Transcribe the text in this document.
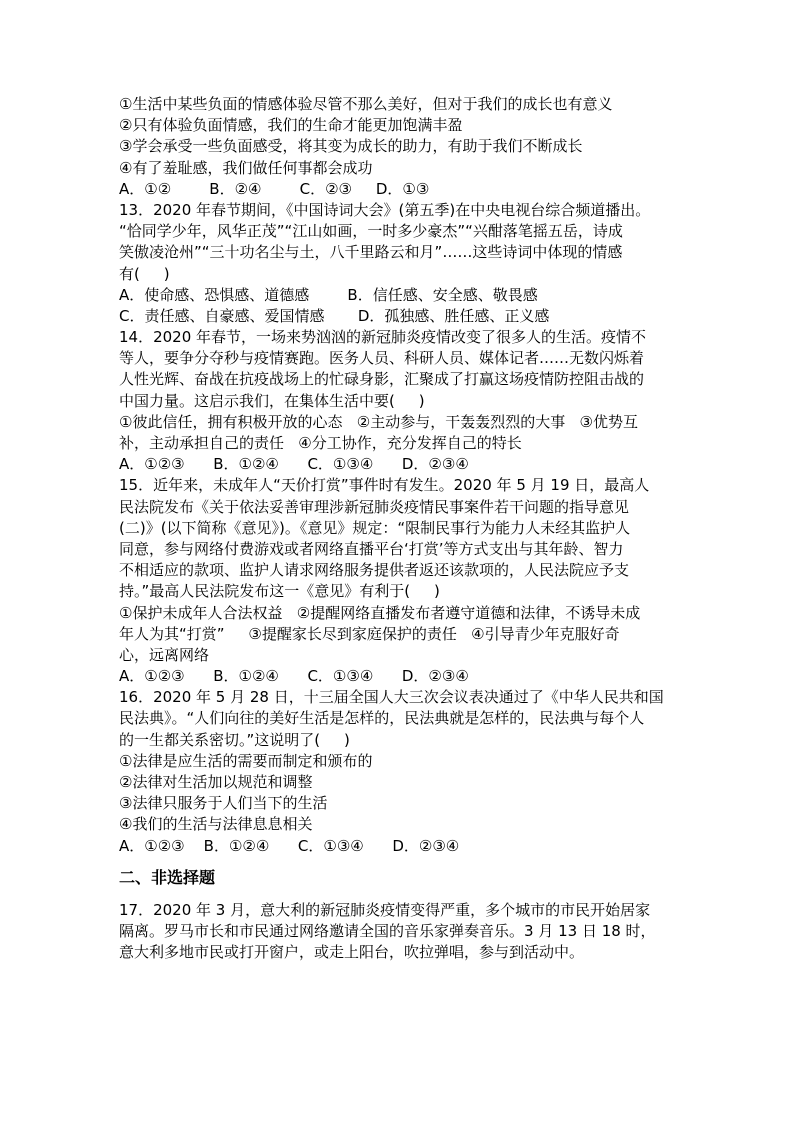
①生活中某些负面的情感体验尽管不那么美好，但对于我们的成长也有意义
②只有体验负面情感，我们的生命才能更加饱满丰盈
③学会承受一些负面感受，将其变为成长的助力，有助于我们不断成长
④有了羞耻感，我们做任何事都会成功
A．①②        B．②④        C．②③     D．①③
13．2020 年春节期间，《中国诗词大会》(第五季)在中央电视台综合频道播出。
“恰同学少年，风华正茂”“江山如画，一时多少豪杰”“兴酣落笔摇五岳，诗成
笑傲凌沧州”“三十功名尘与土，八千里路云和月”……这些诗词中体现的情感
有(     )
A．使命感、恐惧感、道德感        B．信任感、安全感、敬畏感
C．责任感、自豪感、爱国情感       D．孤独感、胜任感、正义感
14．2020 年春节，一场来势汹汹的新冠肺炎疫情改变了很多人的生活。疫情不
等人，要争分夺秒与疫情赛跑。医务人员、科研人员、媒体记者……无数闪烁着
人性光辉、奋战在抗疫战场上的忙碌身影，汇聚成了打赢这场疫情防控阻击战的
中国力量。这启示我们，在集体生活中要(     )
①彼此信任，拥有积极开放的心态   ②主动参与，干轰轰烈烈的大事   ③优势互
补，主动承担自己的责任   ④分工协作，充分发挥自己的特长
A．①②③      B．①②④      C．①③④      D．②③④
15．近年来，未成年人“天价打赏”事件时有发生。2020 年 5 月 19 日，最高人
民法院发布《关于依法妥善审理涉新冠肺炎疫情民事案件若干问题的指导意见
(二)》(以下简称《意见》)。《意见》规定：“限制民事行为能力人未经其监护人
同意，参与网络付费游戏或者网络直播平台‘打赏’等方式支出与其年龄、智力
不相适应的款项、监护人请求网络服务提供者返还该款项的，人民法院应予支
持。”最高人民法院发布这一《意见》有利于(     )
①保护未成年人合法权益   ②提醒网络直播发布者遵守道德和法律，不诱导未成
年人为其“打赏”     ③提醒家长尽到家庭保护的责任   ④引导青少年克服好奇
心，远离网络
A．①②③      B．①②④      C．①③④      D．②③④
16．2020 年 5 月 28 日，十三届全国人大三次会议表决通过了《中华人民共和国
民法典》。“人们向往的美好生活是怎样的，民法典就是怎样的，民法典与每个人
的一生都关系密切。”这说明了(     )
①法律是应生活的需要而制定和颁布的
②法律对生活加以规范和调整
③法律只服务于人们当下的生活
④我们的生活与法律息息相关
A．①②③    B．①②④      C．①③④      D．②③④
二、非选择题
17．2020 年 3 月，意大利的新冠肺炎疫情变得严重，多个城市的市民开始居家
隔离。罗马市长和市民通过网络邀请全国的音乐家弹奏音乐。3 月 13 日 18 时，
意大利多地市民或打开窗户，或走上阳台，吹拉弹唱，参与到活动中。
